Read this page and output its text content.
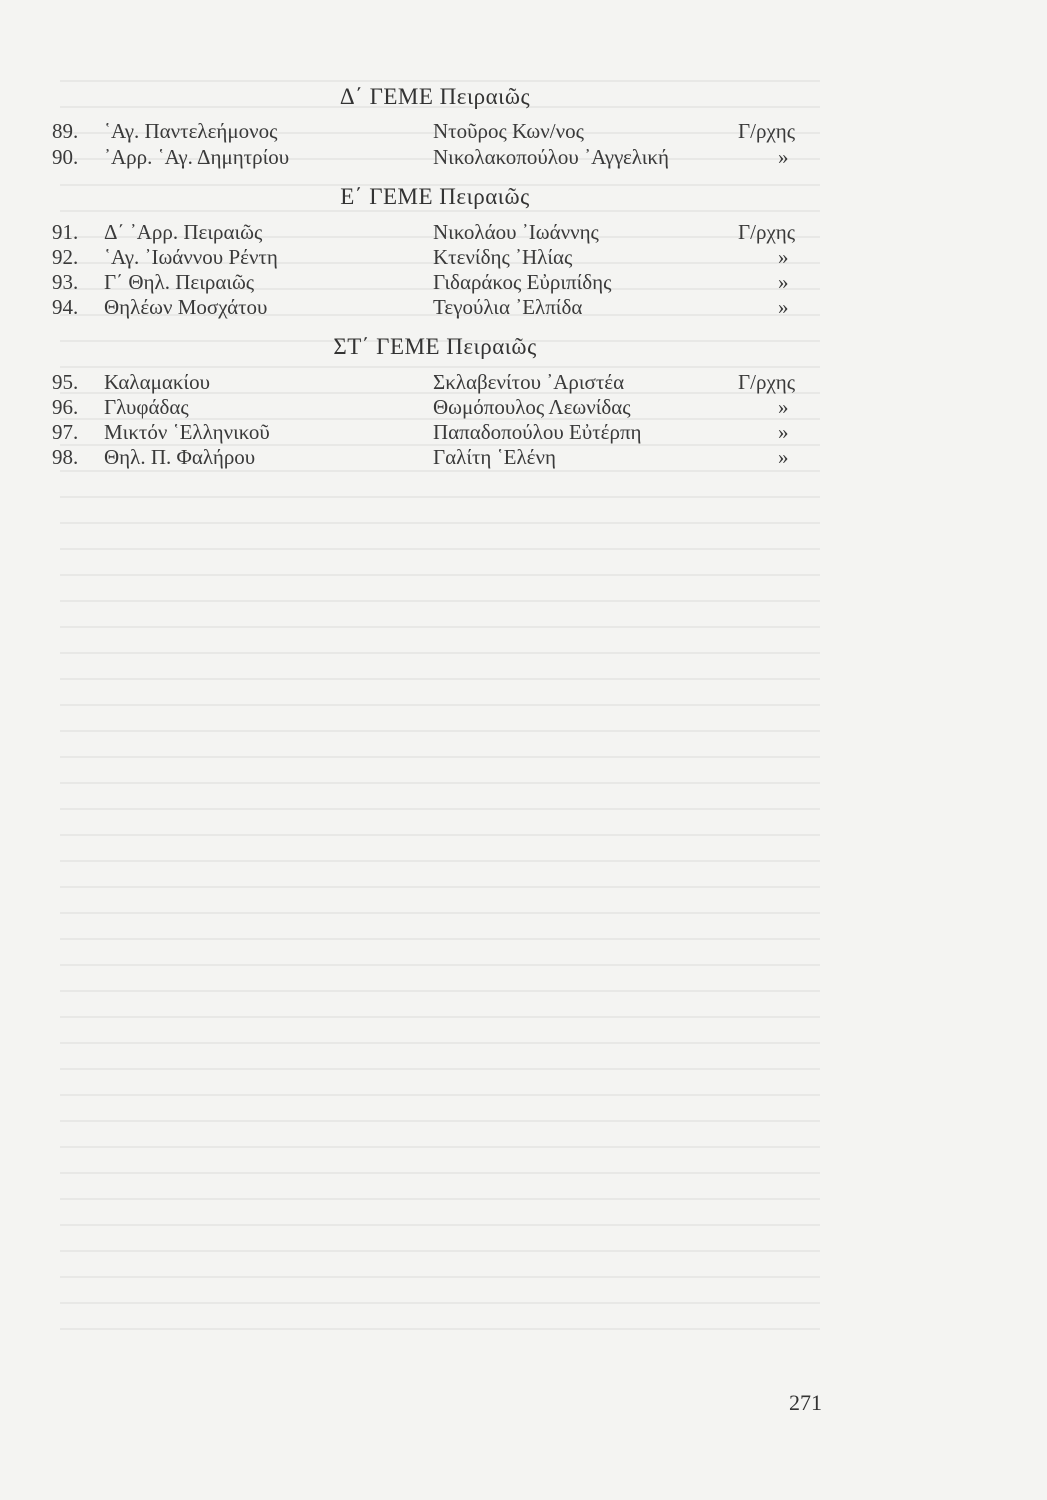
Δ΄ ΓΕΜΕ Πειραιῶς
89. ῾Αγ. Παντελεήμονος	Ντοῦρος Κων/νος	Γ/ρχης
90. ᾿Αρρ. ῾Αγ. Δημητρίου	Νικολακοπούλου ᾿Αγγελική	»
Ε΄ ΓΕΜΕ Πειραιῶς
91. Δ΄ ᾿Αρρ. Πειραιῶς	Νικολάου ᾿Ιωάννης	Γ/ρχης
92. ῾Αγ. ᾿Ιωάννου Ρέντη	Κτενίδης ᾿Ηλίας	»
93. Γ΄ Θηλ. Πειραιῶς	Γιδαράκος Εὐριπίδης	»
94. Θηλέων Μοσχάτου	Τεγούλια ᾿Ελπίδα	»
ΣΤ΄ ΓΕΜΕ Πειραιῶς
95. Καλαμακίου	Σκλαβενίτου ᾿Αριστέα	Γ/ρχης
96. Γλυφάδας	Θωμόπουλος Λεωνίδας	»
97. Μικτόν ῾Ελληνικοῦ	Παπαδοπούλου Εὐτέρπη	»
98. Θηλ. Π. Φαλήρου	Γαλίτη ῾Ελένη	»
271
